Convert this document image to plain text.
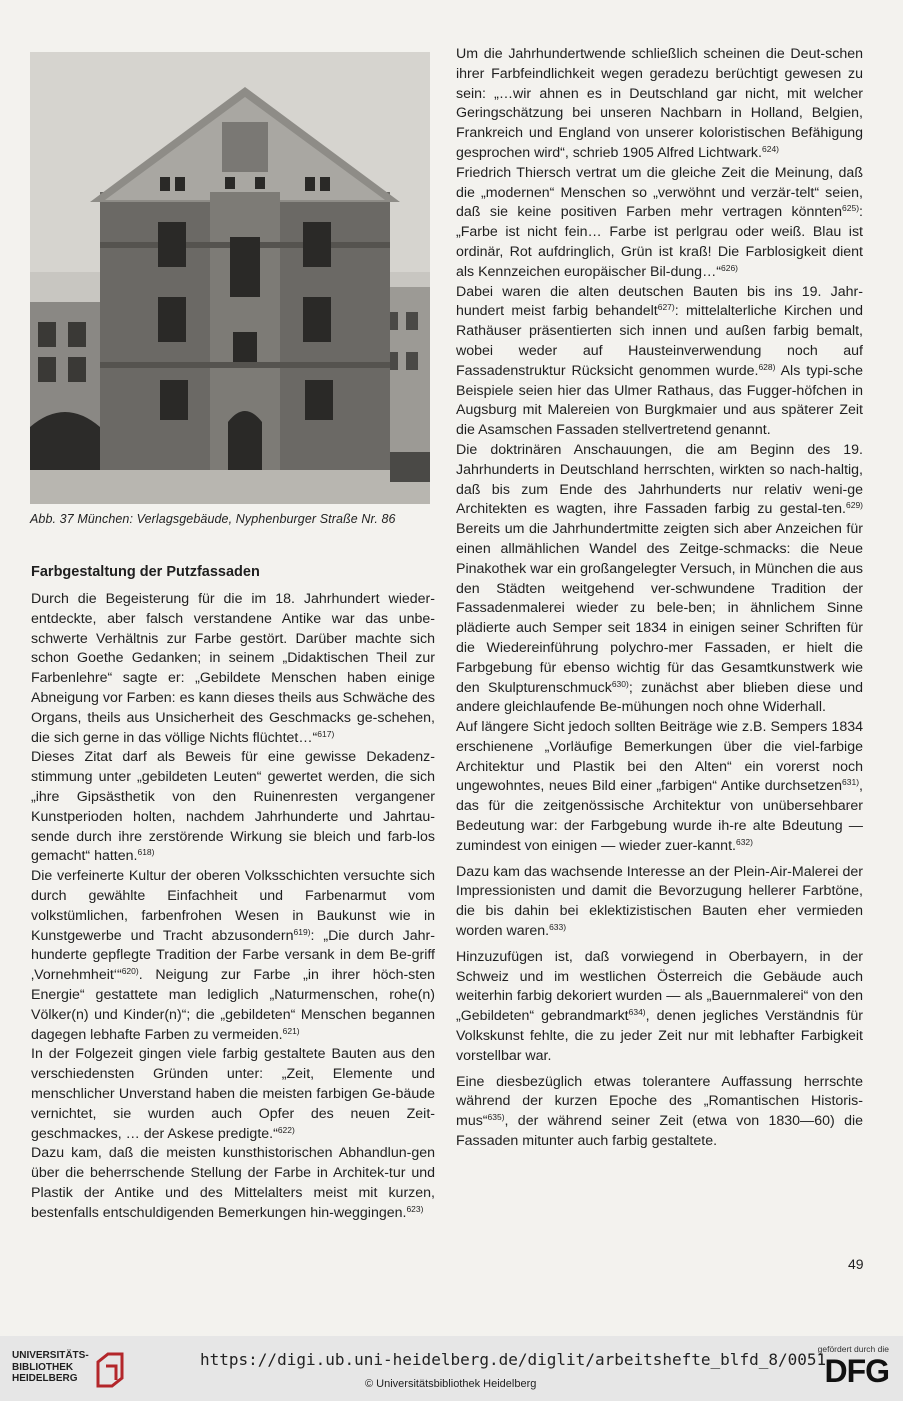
Abb. 37 München: Verlagsgebäude, Nyphenburger Straße Nr. 86
Farbgestaltung der Putzfassaden

Durch die Begeisterung für die im 18. Jahrhundert wieder-entdeckte, aber falsch verstandene Antike war das unbe-schwerte Verhältnis zur Farbe gestört. Darüber machte sich schon Goethe Gedanken; in seinem „Didaktischen Theil zur Farbenlehre“ sagte er: „Gebildete Menschen haben einige Abneigung vor Farben: es kann dieses theils aus Schwäche des Organs, theils aus Unsicherheit des Geschmacks ge-schehen, die sich gerne in das völlige Nichts flüchtet…“$^{617)}$

Dieses Zitat darf als Beweis für eine gewisse Dekadenz-stimmung unter „gebildeten Leuten“ gewertet werden, die sich „ihre Gipsästhetik von den Ruinenresten vergangener Kunstperioden holten, nachdem Jahrhunderte und Jahrtau-sende durch ihre zerstörende Wirkung sie bleich und farb-los gemacht“ hatten.$^{618)}$

Die verfeinerte Kultur der oberen Volksschichten versuchte sich durch gewählte Einfachheit und Farbenarmut vom volkstümlichen, farbenfrohen Wesen in Baukunst wie in Kunstgewerbe und Tracht abzusondern$^{619)}$: „Die durch Jahr-hunderte gepflegte Tradition der Farbe versank in dem Be-griff ‚Vornehmheit‘“$^{620)}$. Neigung zur Farbe „in ihrer höch-sten Energie“ gestattete man lediglich „Naturmenschen, rohe(n) Völker(n) und Kinder(n)“; die „gebildeten“ Menschen begannen dagegen lebhafte Farben zu vermeiden.$^{621)}$

In der Folgezeit gingen viele farbig gestaltete Bauten aus den verschiedensten Gründen unter: „Zeit, Elemente und menschlicher Unverstand haben die meisten farbigen Ge-bäude vernichtet, sie wurden auch Opfer des neuen Zeit-geschmackes, … der Askese predigte.“$^{622)}$

Dazu kam, daß die meisten kunsthistorischen Abhandlun-gen über die beherrschende Stellung der Farbe in Architek-tur und Plastik der Antike und des Mittelalters meist mit kurzen, bestenfalls entschuldigenden Bemerkungen hin-weggingen.$^{623)}$

Um die Jahrhundertwende schließlich scheinen die Deut-schen ihrer Farbfeindlichkeit wegen geradezu berüchtigt gewesen zu sein: „…wir ahnen es in Deutschland gar nicht, mit welcher Geringschätzung bei unseren Nachbarn in Holland, Belgien, Frankreich und England von unserer koloristischen Befähigung gesprochen wird“, schrieb 1905 Alfred Lichtwark.$^{624)}$

Friedrich Thiersch vertrat um die gleiche Zeit die Meinung, daß die „modernen“ Menschen so „verwöhnt und verzär-telt“ seien, daß sie keine positiven Farben mehr vertragen könnten$^{625)}$: „Farbe ist nicht fein… Farbe ist perlgrau oder weiß. Blau ist ordinär, Rot aufdringlich, Grün ist kraß! Die Farblosigkeit dient als Kennzeichen europäischer Bil-dung…“$^{626)}$

Dabei waren die alten deutschen Bauten bis ins 19. Jahr-hundert meist farbig behandelt$^{627)}$: mittelalterliche Kirchen und Rathäuser präsentierten sich innen und außen farbig bemalt, wobei weder auf Hausteinverwendung noch auf Fassadenstruktur Rücksicht genommen wurde.$^{628)}$ Als typi-sche Beispiele seien hier das Ulmer Rathaus, das Fugger-höfchen in Augsburg mit Malereien von Burgkmaier und aus späterer Zeit die Asamschen Fassaden stellvertretend genannt.

Die doktrinären Anschauungen, die am Beginn des 19. Jahrhunderts in Deutschland herrschten, wirkten so nach-haltig, daß bis zum Ende des Jahrhunderts nur relativ weni-ge Architekten es wagten, ihre Fassaden farbig zu gestal-ten.$^{629)}$ Bereits um die Jahrhundertmitte zeigten sich aber Anzeichen für einen allmählichen Wandel des Zeitge-schmacks: die Neue Pinakothek war ein großangelegter Versuch, in München die aus den Städten weitgehend ver-schwundene Tradition der Fassadenmalerei wieder zu bele-ben; in ähnlichem Sinne plädierte auch Semper seit 1834 in einigen seiner Schriften für die Wiedereinführung polychro-mer Fassaden, er hielt die Farbgebung für ebenso wichtig für das Gesamtkunstwerk wie den Skulpturenschmuck$^{630)}$; zunächst aber blieben diese und andere gleichlaufende Be-mühungen noch ohne Widerhall.

Auf längere Sicht jedoch sollten Beiträge wie z.B. Sempers 1834 erschienene „Vorläufige Bemerkungen über die viel-farbige Architektur und Plastik bei den Alten“ ein vorerst noch ungewohntes, neues Bild einer „farbigen“ Antike durchsetzen$^{631)}$, das für die zeitgenössische Architektur von unübersehbarer Bedeutung war: der Farbgebung wurde ih-re alte Bdeutung — zumindest von einigen — wieder zuer-kannt.$^{632)}$

Dazu kam das wachsende Interesse an der Plein-Air-Malerei der Impressionisten und damit die Bevorzugung hellerer Farbtöne, die bis dahin bei eklektizistischen Bauten eher vermieden worden waren.$^{633)}$

Hinzuzufügen ist, daß vorwiegend in Oberbayern, in der Schweiz und im westlichen Österreich die Gebäude auch weiterhin farbig dekoriert wurden — als „Bauernmalerei“ von den „Gebildeten“ gebrandmarkt$^{634)}$, denen jegliches Verständnis für Volkskunst fehlte, die zu jeder Zeit nur mit lebhafter Farbigkeit vorstellbar war.

Eine diesbezüglich etwas tolerantere Auffassung herrschte während der kurzen Epoche des „Romantischen Historis-mus“$^{635)}$, der während seiner Zeit (etwa von 1830—60) die Fassaden mitunter auch farbig gestaltete.

49
UNIVERSITÄTS-
BIBLIOTHEK
HEIDELBERG
https://digi.ub.uni-heidelberg.de/diglit/arbeitshefte_blfd_8/0051
© Universitätsbibliothek Heidelberg
gefördert durch die
DFG
